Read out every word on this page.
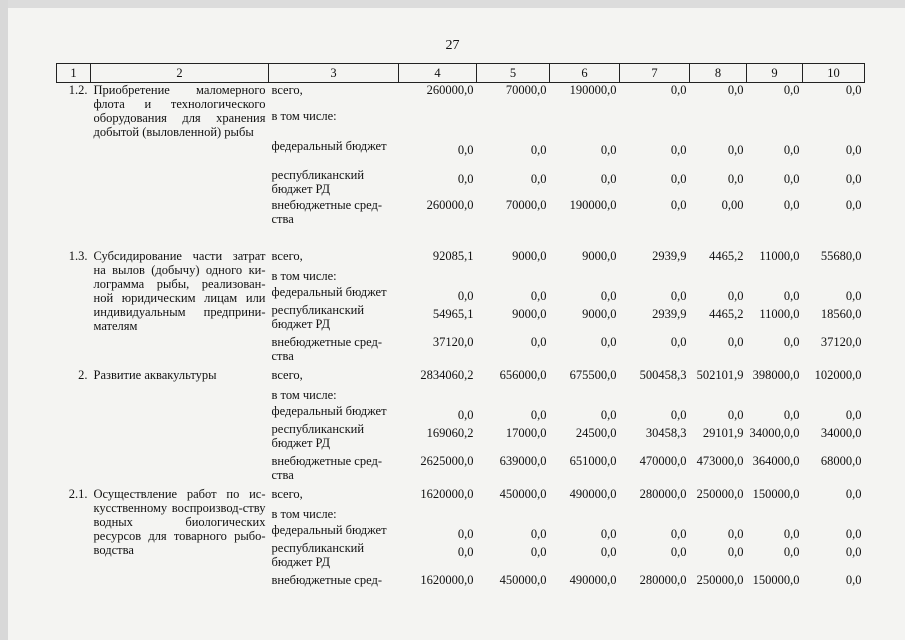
27
1	2	3	4	5	6	7	8	9	10
1.2.	Приобретение маломерного флота и технологического оборудования для хранения добытой (выловленной) рыбы	всего,	260000,0	70000,0	190000,0	0,0	0,0	0,0	0,0
		в том числе:							
		федеральный бюджет	0,0	0,0	0,0	0,0	0,0	0,0	0,0
		республиканский бюджет РД	0,0	0,0	0,0	0,0	0,0	0,0	0,0
		внебюджетные сред-ства	260000,0	70000,0	190000,0	0,0	0,00	0,0	0,0
1.3.	Субсидирование части затрат на вылов (добычу) одного ки-лограмма рыбы, реализован-ной юридическим лицам или индивидуальным предприни-мателям	всего,	92085,1	9000,0	9000,0	2939,9	4465,2	11000,0	55680,0
		в том числе:							
		федеральный бюджет	0,0	0,0	0,0	0,0	0,0	0,0	0,0
		республиканский бюджет РД	54965,1	9000,0	9000,0	2939,9	4465,2	11000,0	18560,0
		внебюджетные сред-ства	37120,0	0,0	0,0	0,0	0,0	0,0	37120,0
2.	Развитие аквакультуры	всего,	2834060,2	656000,0	675500,0	500458,3	502101,9	398000,0	102000,0
		в том числе:							
		федеральный бюджет	0,0	0,0	0,0	0,0	0,0	0,0	0,0
		республиканский бюджет РД	169060,2	17000,0	24500,0	30458,3	29101,9	34000,0,0	34000,0
		внебюджетные сред-ства	2625000,0	639000,0	651000,0	470000,0	473000,0	364000,0	68000,0
2.1.	Осуществление работ по ис-кусственному воспроизвод-ству водных биологических ресурсов для товарного рыбо-водства	всего,	1620000,0	450000,0	490000,0	280000,0	250000,0	150000,0	0,0
		в том числе:							
		федеральный бюджет	0,0	0,0	0,0	0,0	0,0	0,0	0,0
		республиканский бюджет РД	0,0	0,0	0,0	0,0	0,0	0,0	0,0
		внебюджетные сред-	1620000,0	450000,0	490000,0	280000,0	250000,0	150000,0	0,0
